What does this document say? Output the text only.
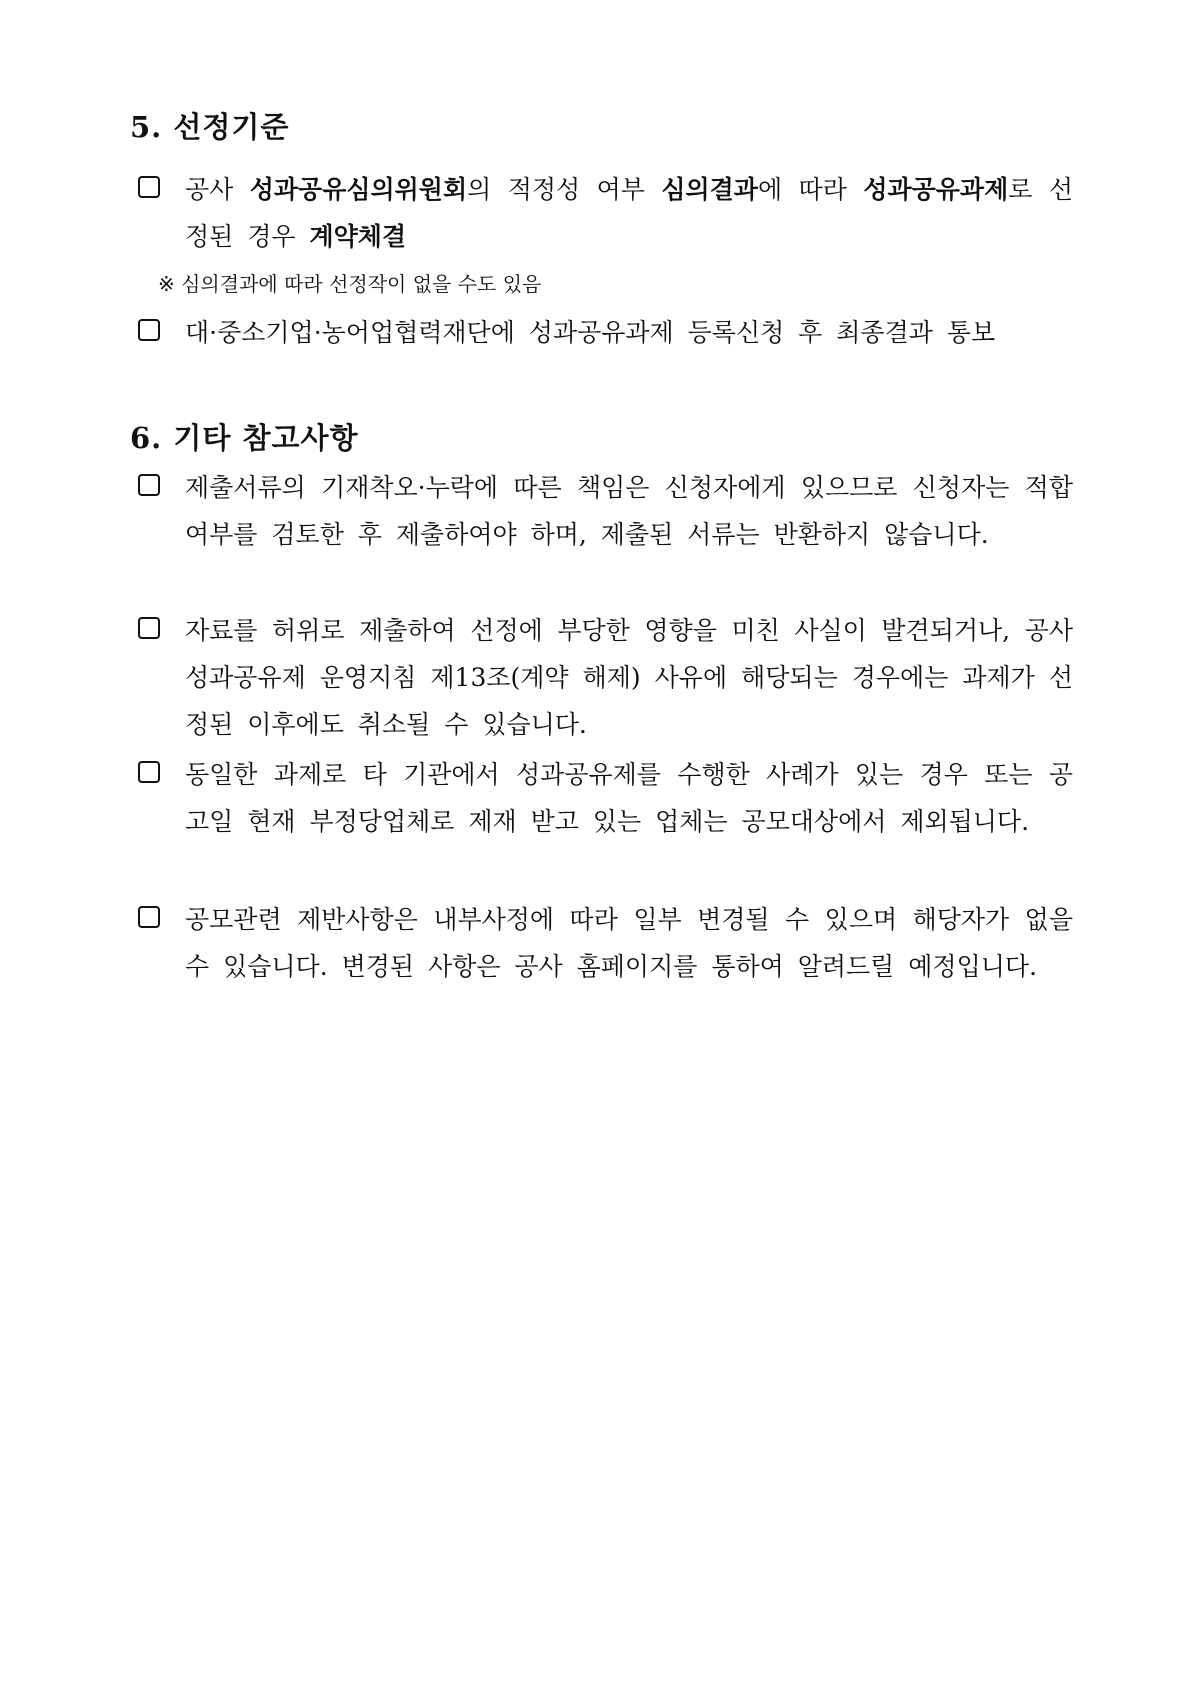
5. 선정기준
공사 성과공유심의위원회의 적정성 여부 심의결과에 따라 성과공유과제로 선정된 경우 계약체결
※ 심의결과에 따라 선정작이 없을 수도 있음
대·중소기업·농어업협력재단에 성과공유과제 등록신청 후 최종결과 통보
6. 기타 참고사항
제출서류의 기재착오·누락에 따른 책임은 신청자에게 있으므로 신청자는 적합 여부를 검토한 후 제출하여야 하며, 제출된 서류는 반환하지 않습니다.
자료를 허위로 제출하여 선정에 부당한 영향을 미친 사실이 발견되거나, 공사 성과공유제 운영지침 제13조(계약 해제) 사유에 해당되는 경우에는 과제가 선정된 이후에도 취소될 수 있습니다.
동일한 과제로 타 기관에서 성과공유제를 수행한 사례가 있는 경우 또는 공고일 현재 부정당업체로 제재 받고 있는 업체는 공모대상에서 제외됩니다.
공모관련 제반사항은 내부사정에 따라 일부 변경될 수 있으며 해당자가 없을 수 있습니다. 변경된 사항은 공사 홈페이지를 통하여 알려드릴 예정입니다.
